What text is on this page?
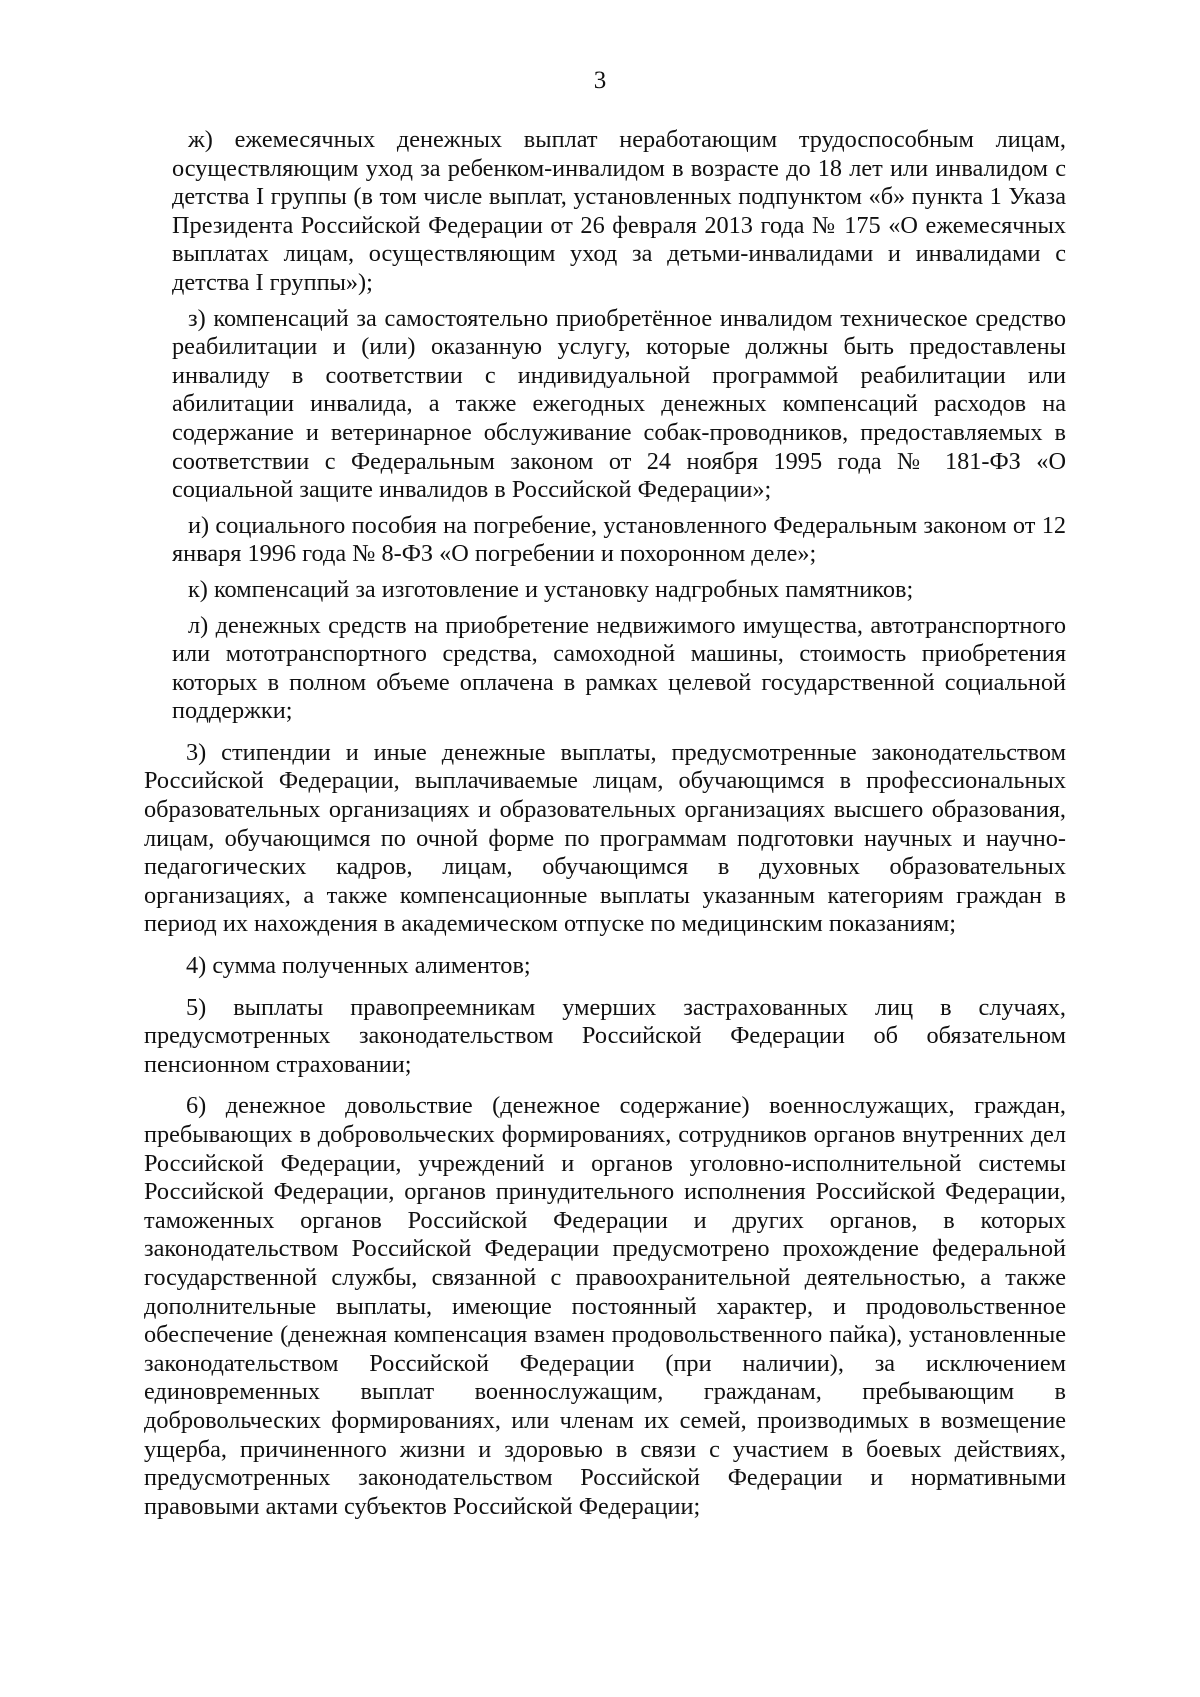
3

ж) ежемесячных денежных выплат неработающим трудоспособным лицам, осуществляющим уход за ребенком-инвалидом в возрасте до 18 лет или инвалидом с детства I группы (в том числе выплат, установленных подпунктом «б» пункта 1 Указа Президента Российской Федерации от 26 февраля 2013 года № 175 «О ежемесячных выплатах лицам, осуществляющим уход за детьми-инвалидами и инвалидами с детства I группы»);

з) компенсаций за самостоятельно приобретённое инвалидом техническое средство реабилитации и (или) оказанную услугу, которые должны быть предоставлены инвалиду в соответствии с индивидуальной программой реабилитации или абилитации инвалида, а также ежегодных денежных компенсаций расходов на содержание и ветеринарное обслуживание собак-проводников, предоставляемых в соответствии с Федеральным законом от 24 ноября 1995 года № 181-ФЗ «О социальной защите инвалидов в Российской Федерации»;

и) социального пособия на погребение, установленного Федеральным законом от 12 января 1996 года № 8-ФЗ «О погребении и похоронном деле»;

к) компенсаций за изготовление и установку надгробных памятников;

л) денежных средств на приобретение недвижимого имущества, автотранспортного или мототранспортного средства, самоходной машины, стоимость приобретения которых в полном объеме оплачена в рамках целевой государственной социальной поддержки;

3) стипендии и иные денежные выплаты, предусмотренные законодательством Российской Федерации, выплачиваемые лицам, обучающимся в профессиональных образовательных организациях и образовательных организациях высшего образования, лицам, обучающимся по очной форме по программам подготовки научных и научно-педагогических кадров, лицам, обучающимся в духовных образовательных организациях, а также компенсационные выплаты указанным категориям граждан в период их нахождения в академическом отпуске по медицинским показаниям;

4) сумма полученных алиментов;

5) выплаты правопреемникам умерших застрахованных лиц в случаях, предусмотренных законодательством Российской Федерации об обязательном пенсионном страховании;

6) денежное довольствие (денежное содержание) военнослужащих, граждан, пребывающих в добровольческих формированиях, сотрудников органов внутренних дел Российской Федерации, учреждений и органов уголовно-исполнительной системы Российской Федерации, органов принудительного исполнения Российской Федерации, таможенных органов Российской Федерации и других органов, в которых законодательством Российской Федерации предусмотрено прохождение федеральной государственной службы, связанной с правоохранительной деятельностью, а также дополнительные выплаты, имеющие постоянный характер, и продовольственное обеспечение (денежная компенсация взамен продовольственного пайка), установленные законодательством Российской Федерации (при наличии), за исключением единовременных выплат военнослужащим, гражданам, пребывающим в добровольческих формированиях, или членам их семей, производимых в возмещение ущерба, причиненного жизни и здоровью в связи с участием в боевых действиях, предусмотренных законодательством Российской Федерации и нормативными правовыми актами субъектов Российской Федерации;
